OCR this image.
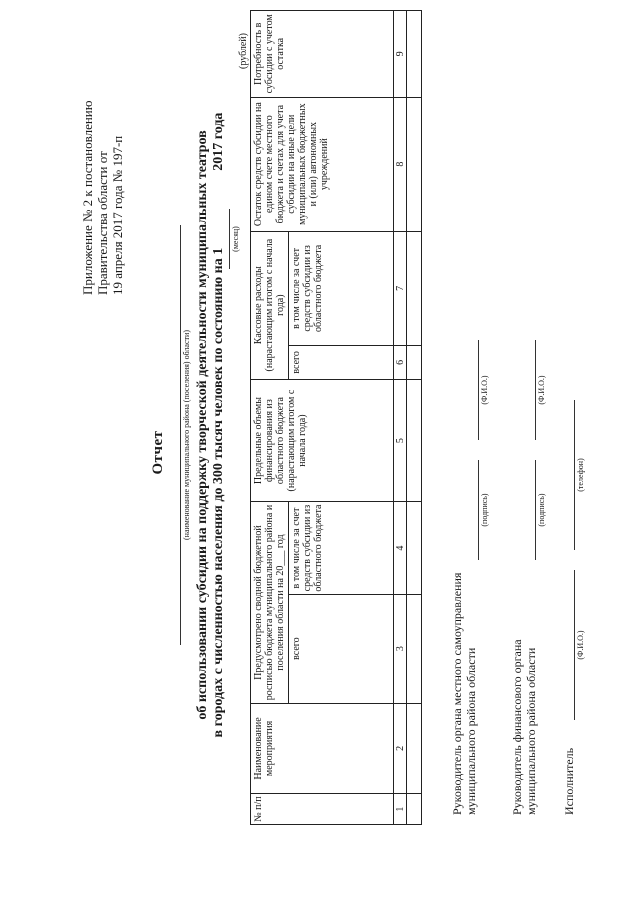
Приложение № 2 к постановлению Правительства области от 19 апреля 2017 года № 197-п
Отчет (наименование муниципального района (поселения) области) об использовании субсидии на поддержку творческой деятельности муниципальных театров в городах с численностью населения до 300 тысяч человек по состоянию на 1  2017 года
(месяц)
(рублей)
№ п/п	Наименование мероприятия	Предусмотрено сводной бюджетной росписью бюджета муниципального района и поселения области на 20___ год		Предельные объемы финансирования из областного бюджета (нарастающим итогом с начала года)	Кассовые расходы (нарастающим итогом с начала года)		Остаток средств субсидии на едином счете местного бюджета и счетах для учета субсидии на иные цели муниципальных бюджетных и (или) автономных учреждений	Потребность в субсидии с учетом остатка
		всего	в том числе за счет средств субсидии из областного бюджета		всего	в том числе за счет средств субсидии из областного бюджета		
1	2	3	4	5	6	7	8	9

Руководитель органа местного самоуправления муниципального района области
(подпись)
(Ф.И.О.)
Руководитель финансового органа муниципального района области
(подпись)
(Ф.И.О.)
Исполнитель
(Ф.И.О.)
(телефон)
